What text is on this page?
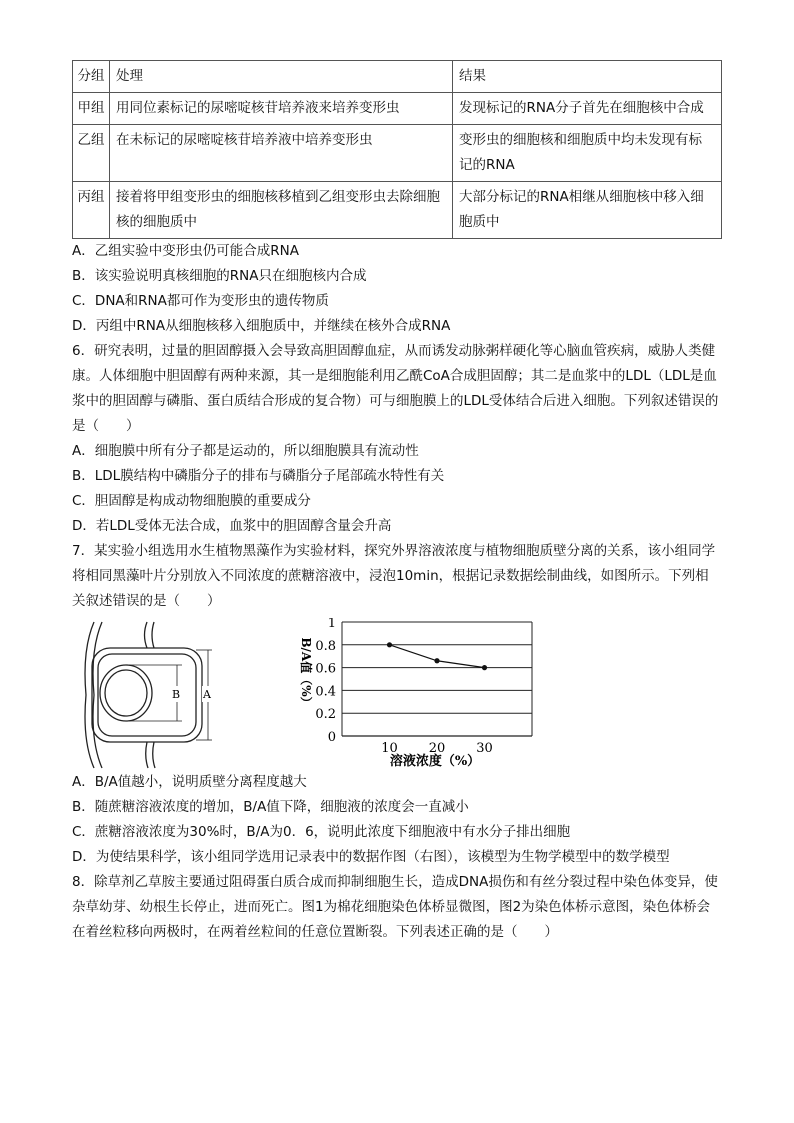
分组	处理	结果
甲组	用同位素标记的尿嘧啶核苷培养液来培养变形虫	发现标记的RNA分子首先在细胞核中合成
乙组	在未标记的尿嘧啶核苷培养液中培养变形虫	变形虫的细胞核和细胞质中均未发现有标记的RNA
丙组	接着将甲组变形虫的细胞核移植到乙组变形虫去除细胞核的细胞质中	大部分标记的RNA相继从细胞核中移入细胞质中

A．乙组实验中变形虫仍可能合成RNA

B．该实验说明真核细胞的RNA只在细胞核内合成

C．DNA和RNA都可作为变形虫的遗传物质

D．丙组中RNA从细胞核移入细胞质中，并继续在核外合成RNA

6．研究表明，过量的胆固醇摄入会导致高胆固醇血症，从而诱发动脉粥样硬化等心脑血管疾病，威胁人类健康。人体细胞中胆固醇有两种来源，其一是细胞能利用乙酰CoA合成胆固醇；其二是血浆中的LDL（LDL是血浆中的胆固醇与磷脂、蛋白质结合形成的复合物）可与细胞膜上的LDL受体结合后进入细胞。下列叙述错误的是（　　）

A．细胞膜中所有分子都是运动的，所以细胞膜具有流动性

B．LDL膜结构中磷脂分子的排布与磷脂分子尾部疏水特性有关

C．胆固醇是构成动物细胞膜的重要成分

D．若LDL受体无法合成，血浆中的胆固醇含量会升高

7．某实验小组选用水生植物黑藻作为实验材料，探究外界溶液浓度与植物细胞质壁分离的关系，该小组同学将相同黑藻叶片分别放入不同浓度的蔗糖溶液中，浸泡10min，根据记录数据绘制曲线，如图所示。下列相关叙述错误的是（　　）

B A
0
0.2
0.4
0.6
0.8
1
10 20 30
B/A值（%）
溶液浓度（%）

A．B/A值越小，说明质壁分离程度越大

B．随蔗糖溶液浓度的增加，B/A值下降，细胞液的浓度会一直减小

C．蔗糖溶液浓度为30%时，B/A为0．6，说明此浓度下细胞液中有水分子排出细胞

D．为使结果科学，该小组同学选用记录表中的数据作图（右图），该模型为生物学模型中的数学模型

8．除草剂乙草胺主要通过阻碍蛋白质合成而抑制细胞生长，造成DNA损伤和有丝分裂过程中染色体变异，使杂草幼芽、幼根生长停止，进而死亡。图1为棉花细胞染色体桥显微图，图2为染色体桥示意图，染色体桥会在着丝粒移向两极时，在两着丝粒间的任意位置断裂。下列表述正确的是（　　）
